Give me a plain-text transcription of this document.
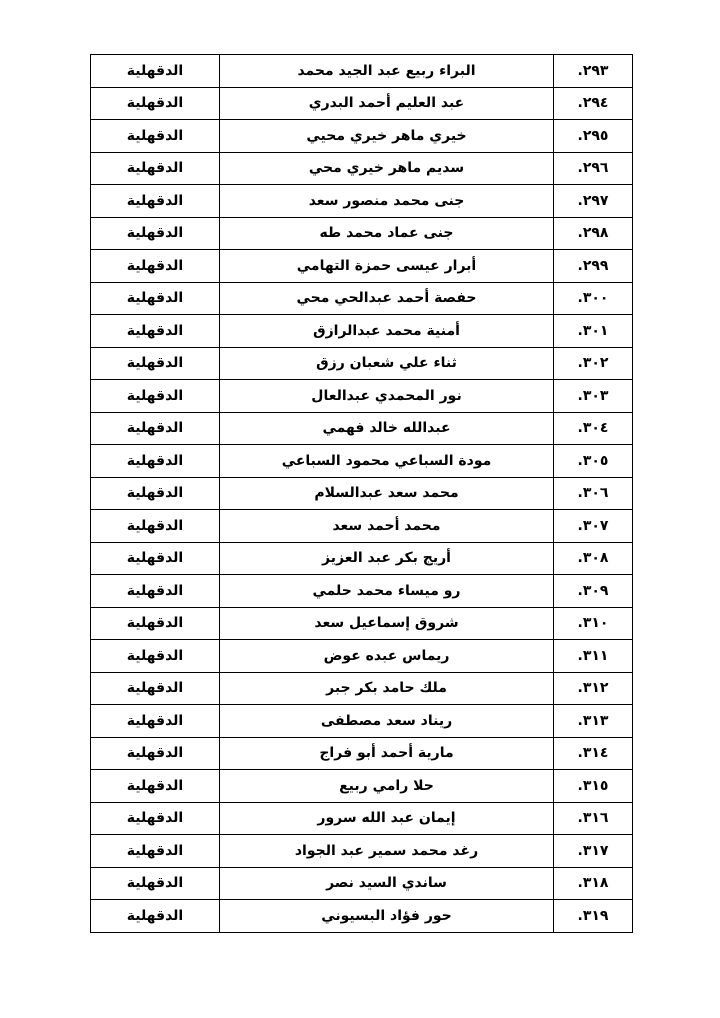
٢٩٣.	البراء ربيع عبد الجيد محمد	الدقهلية
٢٩٤.	عبد العليم أحمد البدري	الدقهلية
٢٩٥.	خيري ماهر خيري محيي	الدقهلية
٢٩٦.	سديم ماهر خيري محي	الدقهلية
٢٩٧.	جنى محمد منصور سعد	الدقهلية
٢٩٨.	جنى عماد محمد طه	الدقهلية
٢٩٩.	أبرار عيسى حمزة التهامي	الدقهلية
٣٠٠.	حفصة أحمد عبدالحي محي	الدقهلية
٣٠١.	أمنية محمد عبدالرازق	الدقهلية
٣٠٢.	ثناء علي شعبان رزق	الدقهلية
٣٠٣.	نور المحمدي عبدالعال	الدقهلية
٣٠٤.	عبدالله خالد فهمي	الدقهلية
٣٠٥.	مودة السباعي محمود السباعي	الدقهلية
٣٠٦.	محمد سعد عبدالسلام	الدقهلية
٣٠٧.	محمد أحمد سعد	الدقهلية
٣٠٨.	أريج بكر عبد العزيز	الدقهلية
٣٠٩.	رو ميساء محمد حلمي	الدقهلية
٣١٠.	شروق إسماعيل سعد	الدقهلية
٣١١.	ريماس عبده عوض	الدقهلية
٣١٢.	ملك حامد بكر جبر	الدقهلية
٣١٣.	ريناد سعد مصطفى	الدقهلية
٣١٤.	مارية أحمد أبو فراج	الدقهلية
٣١٥.	حلا رامي ربيع	الدقهلية
٣١٦.	إيمان عبد الله سرور	الدقهلية
٣١٧.	رغد محمد سمير عبد الجواد	الدقهلية
٣١٨.	ساندي السيد نصر	الدقهلية
٣١٩.	حور فؤاد البسيوني	الدقهلية
